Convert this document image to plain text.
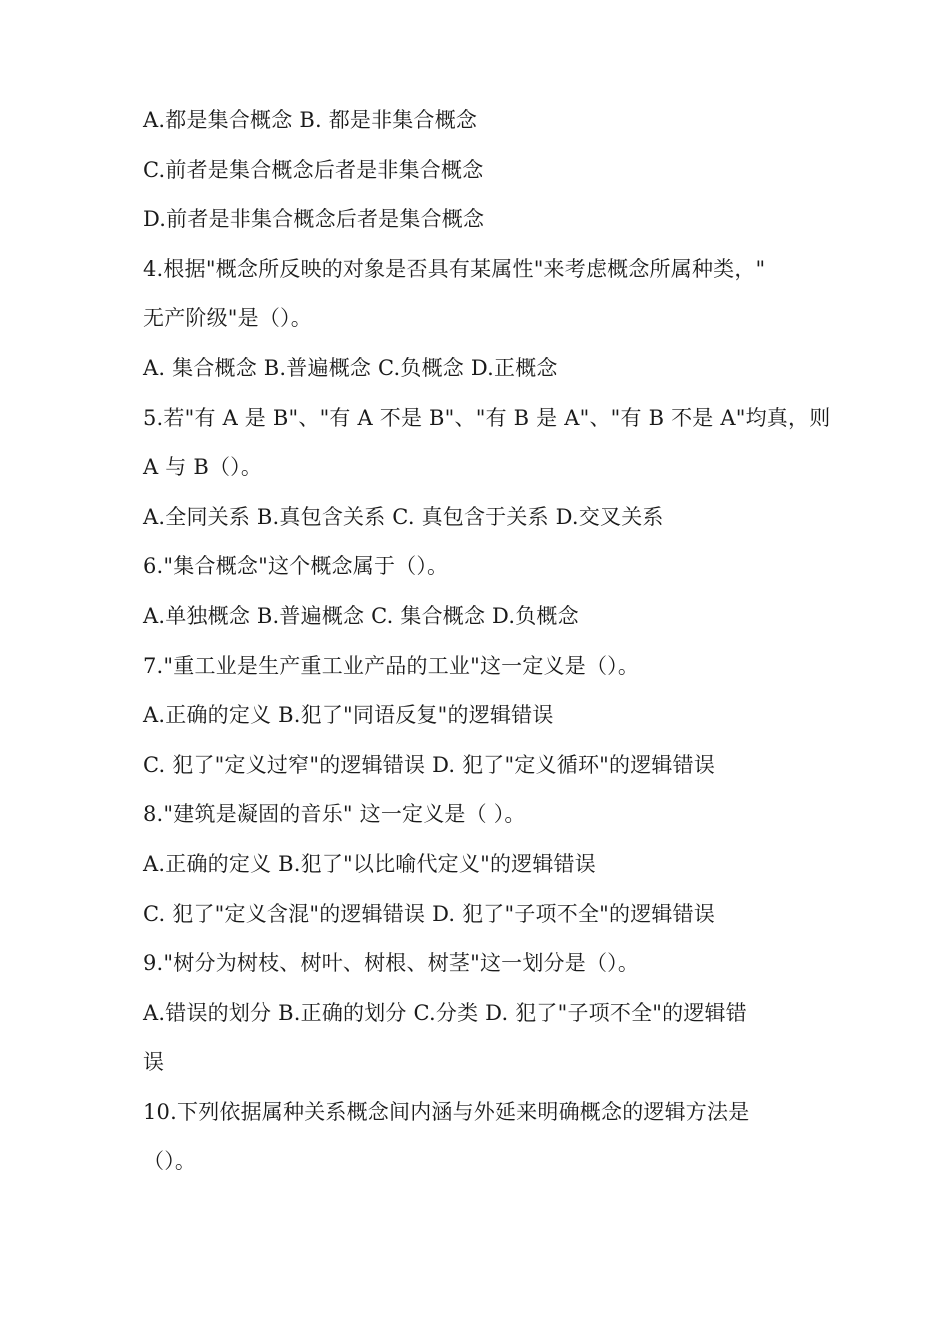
A.都是集合概念 B. 都是非集合概念
C.前者是集合概念后者是非集合概念
D.前者是非集合概念后者是集合概念
4.根据"概念所反映的对象是否具有某属性"来考虑概念所属种类，"
无产阶级"是（）。
A. 集合概念 B.普遍概念 C.负概念 D.正概念
5.若"有 A 是 B"、"有 A 不是 B"、"有 B 是 A"、"有 B 不是 A"均真，则
A 与 B（）。
A.全同关系 B.真包含关系 C. 真包含于关系 D.交叉关系
6."集合概念"这个概念属于（）。
A.单独概念 B.普遍概念 C. 集合概念 D.负概念
7."重工业是生产重工业产品的工业"这一定义是（）。
A.正确的定义 B.犯了"同语反复"的逻辑错误
C. 犯了"定义过窄"的逻辑错误 D. 犯了"定义循环"的逻辑错误
8."建筑是凝固的音乐" 这一定义是（ ）。
A.正确的定义 B.犯了"以比喻代定义"的逻辑错误
C. 犯了"定义含混"的逻辑错误 D. 犯了"子项不全"的逻辑错误
9."树分为树枝、树叶、树根、树茎"这一划分是（）。
A.错误的划分 B.正确的划分 C.分类 D. 犯了"子项不全"的逻辑错
误
10.下列依据属种关系概念间内涵与外延来明确概念的逻辑方法是
（）。
